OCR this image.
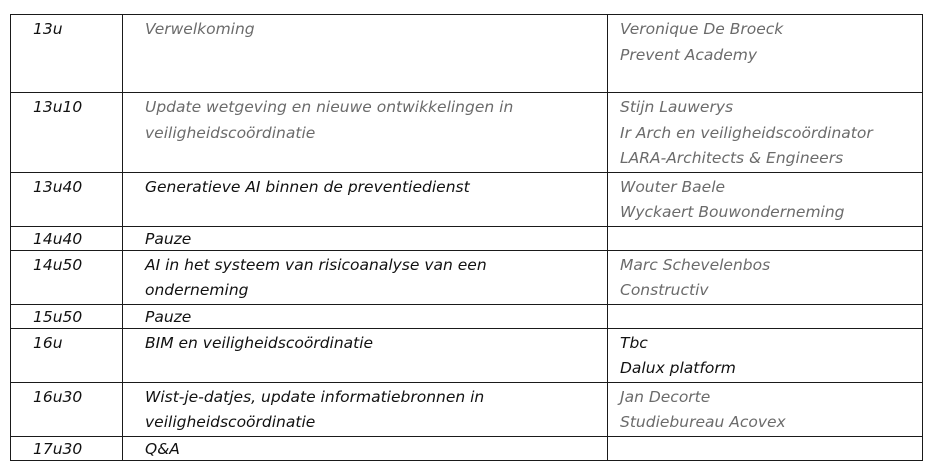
13u	Verwelkoming	Veronique De Broeck
Prevent Academy

13u10	Update wetgeving en nieuwe ontwikkelingen in
veiligheidscoördinatie	Stijn Lauwerys
Ir Arch en veiligheidscoördinator
LARA-Architects & Engineers

13u40	Generatieve AI binnen de preventiedienst	Wouter Baele
Wyckaert Bouwonderneming

14u40	Pauze	

14u50	AI in het systeem van risicoanalyse van een
onderneming	Marc Schevelenbos
Constructiv

15u50	Pauze	

16u	BIM en veiligheidscoördinatie	Tbc
Dalux platform

16u30	Wist-je-datjes, update informatiebronnen in
veiligheidscoördinatie	Jan Decorte
Studiebureau Acovex

17u30	Q&A	
